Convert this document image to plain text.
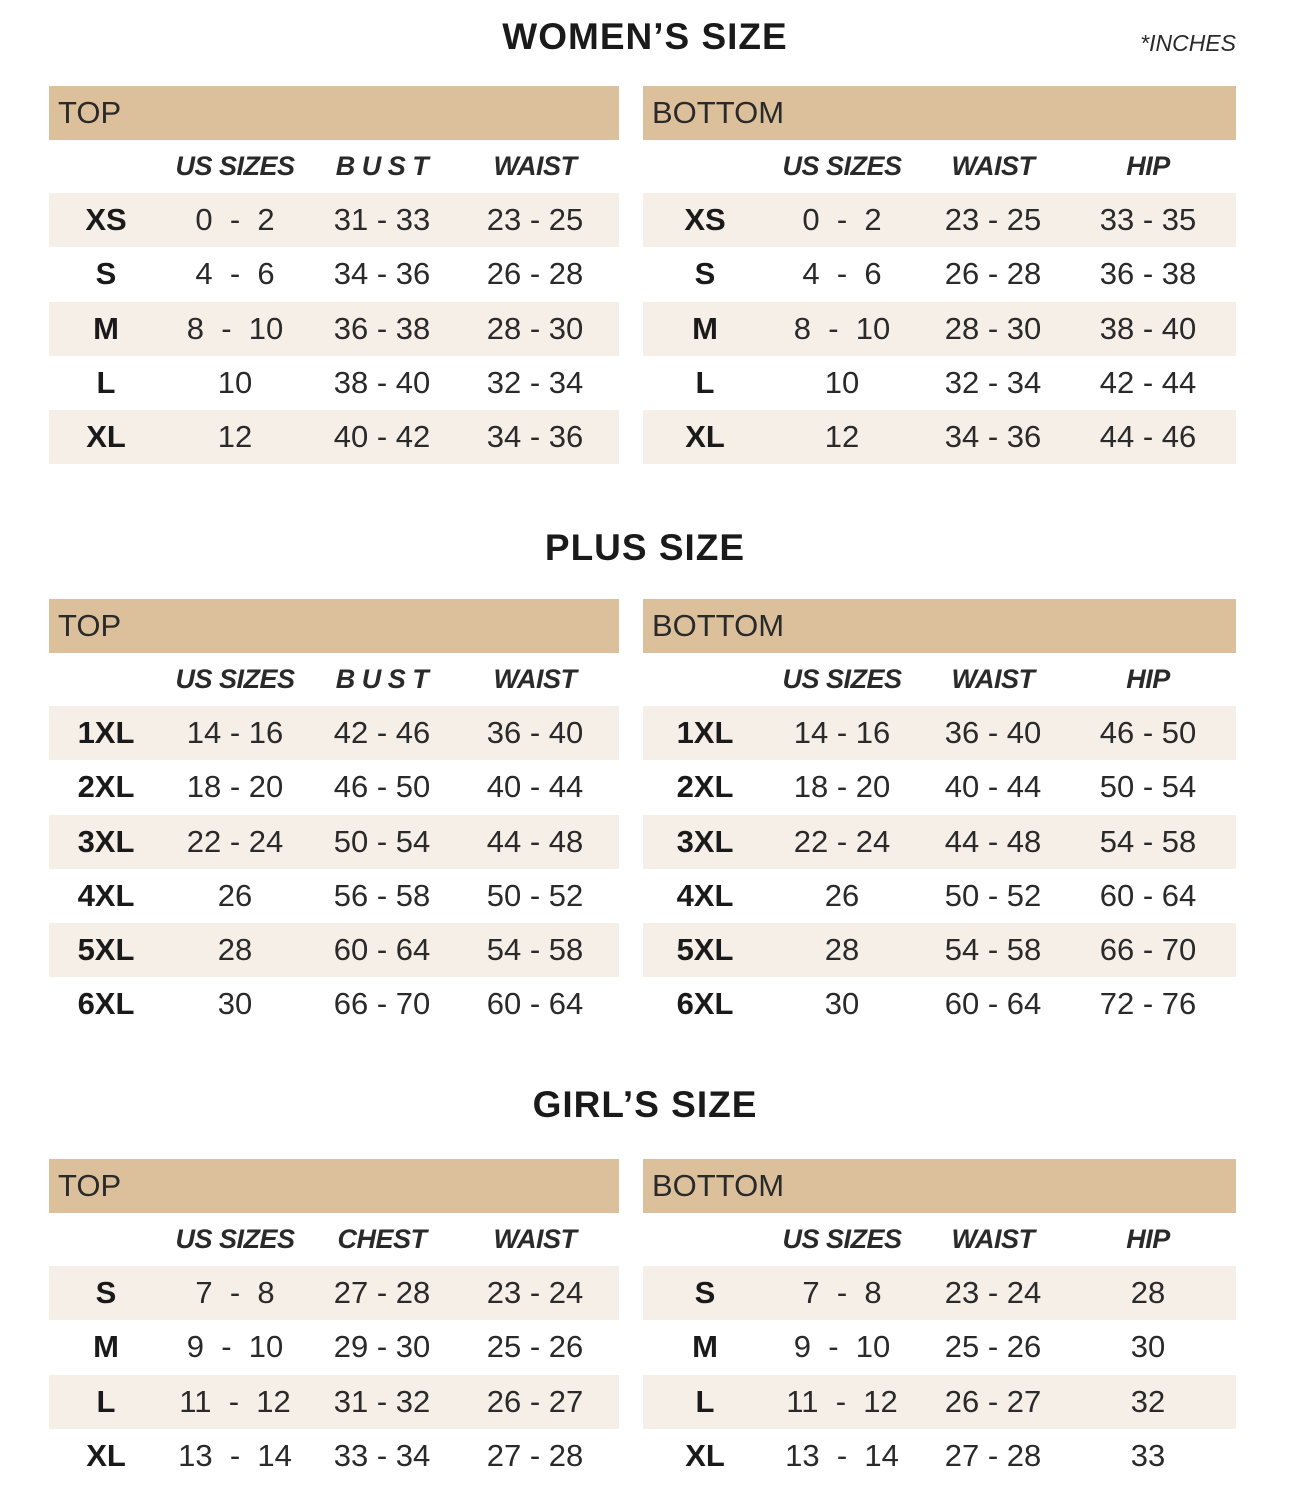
*INCHES
WOMEN’S SIZE
TOP
US SIZES	B U S T	WAIST
XS	0  -  2	31 - 33	23 - 25
S	4  -  6	34 - 36	26 - 28
M	8  -  10	36 - 38	28 - 30
L	10	38 - 40	32 - 34
XL	12	40 - 42	34 - 36
BOTTOM
US SIZES	WAIST	HIP
XS	0  -  2	23 - 25	33 - 35
S	4  -  6	26 - 28	36 - 38
M	8  -  10	28 - 30	38 - 40
L	10	32 - 34	42 - 44
XL	12	34 - 36	44 - 46
PLUS SIZE
TOP
US SIZES	B U S T	WAIST
1XL	14 - 16	42 - 46	36 - 40
2XL	18 - 20	46 - 50	40 - 44
3XL	22 - 24	50 - 54	44 - 48
4XL	26	56 - 58	50 - 52
5XL	28	60 - 64	54 - 58
6XL	30	66 - 70	60 - 64
BOTTOM
US SIZES	WAIST	HIP
1XL	14 - 16	36 - 40	46 - 50
2XL	18 - 20	40 - 44	50 - 54
3XL	22 - 24	44 - 48	54 - 58
4XL	26	50 - 52	60 - 64
5XL	28	54 - 58	66 - 70
6XL	30	60 - 64	72 - 76
GIRL’S SIZE
TOP
US SIZES	CHEST	WAIST
S	7  -  8	27 - 28	23 - 24
M	9  -  10	29 - 30	25 - 26
L	11  -  12	31 - 32	26 - 27
XL	13  -  14	33 - 34	27 - 28
BOTTOM
US SIZES	WAIST	HIP
S	7  -  8	23 - 24	28
M	9  -  10	25 - 26	30
L	11  -  12	26 - 27	32
XL	13  -  14	27 - 28	33
